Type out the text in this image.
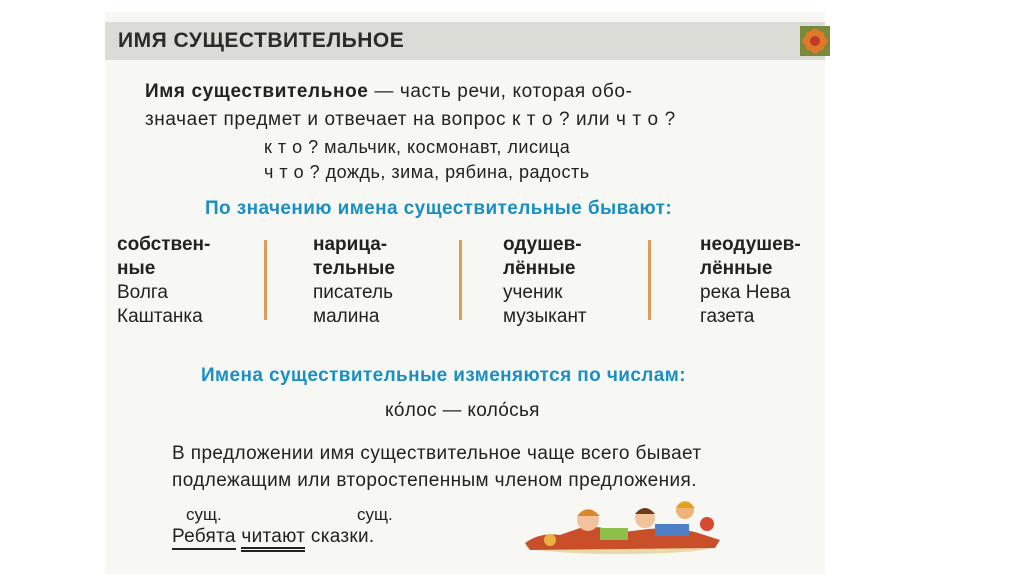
ИМЯ СУЩЕСТВИТЕЛЬНОЕ
Имя существительное — часть речи, которая обо-
значает предмет и отвечает на вопрос к т о ? или ч т о ?
к т о ? мальчик, космонавт, лисица
ч т о ? дождь, зима, рябина, радость
По значению имена существительные бывают:
собствен-
ные
Волга
Каштанка
нарица-
тельные
писатель
малина
одушев-
лённые
ученик
музыкант
неодушев-
лённые
река Нева
газета
Имена существительные изменяются по числам:
ко́лос — коло́сья
В предложении имя существительное чаще всего бывает
подлежащим или второстепенным членом предложения.
сущ.	сущ.
Ребята читают сказки.
